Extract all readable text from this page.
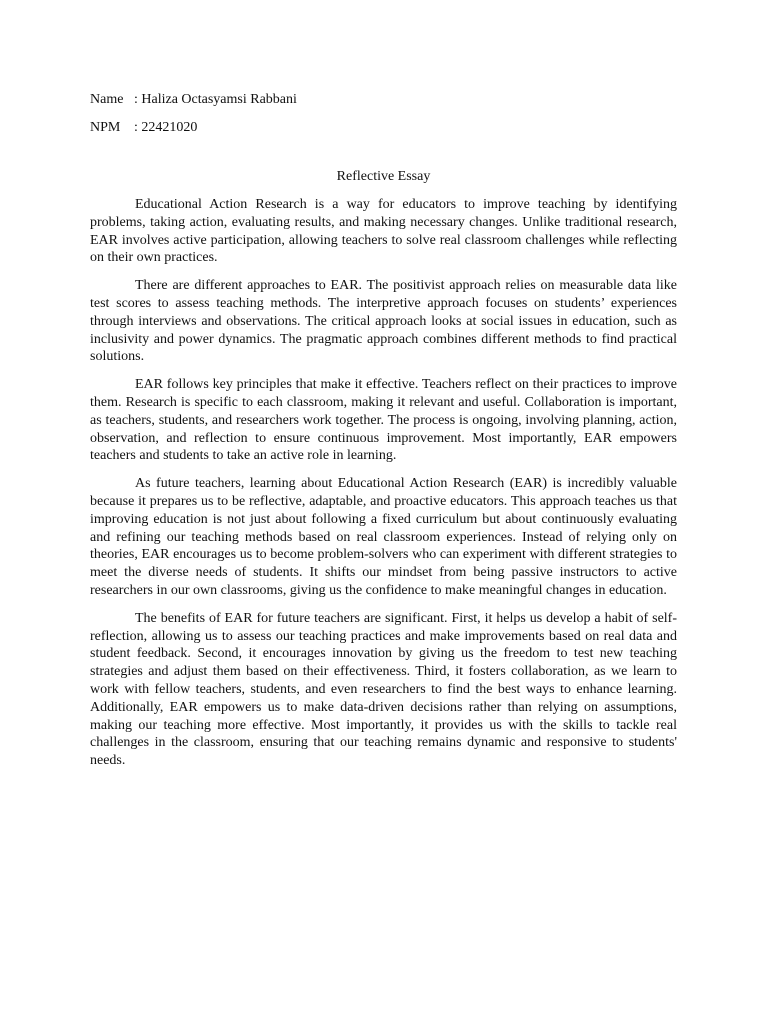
Name : Haliza Octasyamsi Rabbani
NPM : 22421020
Reflective Essay

Educational Action Research is a way for educators to improve teaching by identifying problems, taking action, evaluating results, and making necessary changes. Unlike traditional research, EAR involves active participation, allowing teachers to solve real classroom challenges while reflecting on their own practices.

There are different approaches to EAR. The positivist approach relies on measurable data like test scores to assess teaching methods. The interpretive approach focuses on students’ experiences through interviews and observations. The critical approach looks at social issues in education, such as inclusivity and power dynamics. The pragmatic approach combines different methods to find practical solutions.

EAR follows key principles that make it effective. Teachers reflect on their practices to improve them. Research is specific to each classroom, making it relevant and useful. Collaboration is important, as teachers, students, and researchers work together. The process is ongoing, involving planning, action, observation, and reflection to ensure continuous improvement. Most importantly, EAR empowers teachers and students to take an active role in learning.

As future teachers, learning about Educational Action Research (EAR) is incredibly valuable because it prepares us to be reflective, adaptable, and proactive educators. This approach teaches us that improving education is not just about following a fixed curriculum but about continuously evaluating and refining our teaching methods based on real classroom experiences. Instead of relying only on theories, EAR encourages us to become problem-solvers who can experiment with different strategies to meet the diverse needs of students. It shifts our mindset from being passive instructors to active researchers in our own classrooms, giving us the confidence to make meaningful changes in education.

The benefits of EAR for future teachers are significant. First, it helps us develop a habit of self-reflection, allowing us to assess our teaching practices and make improvements based on real data and student feedback. Second, it encourages innovation by giving us the freedom to test new teaching strategies and adjust them based on their effectiveness. Third, it fosters collaboration, as we learn to work with fellow teachers, students, and even researchers to find the best ways to enhance learning. Additionally, EAR empowers us to make data-driven decisions rather than relying on assumptions, making our teaching more effective. Most importantly, it provides us with the skills to tackle real challenges in the classroom, ensuring that our teaching remains dynamic and responsive to students' needs.
